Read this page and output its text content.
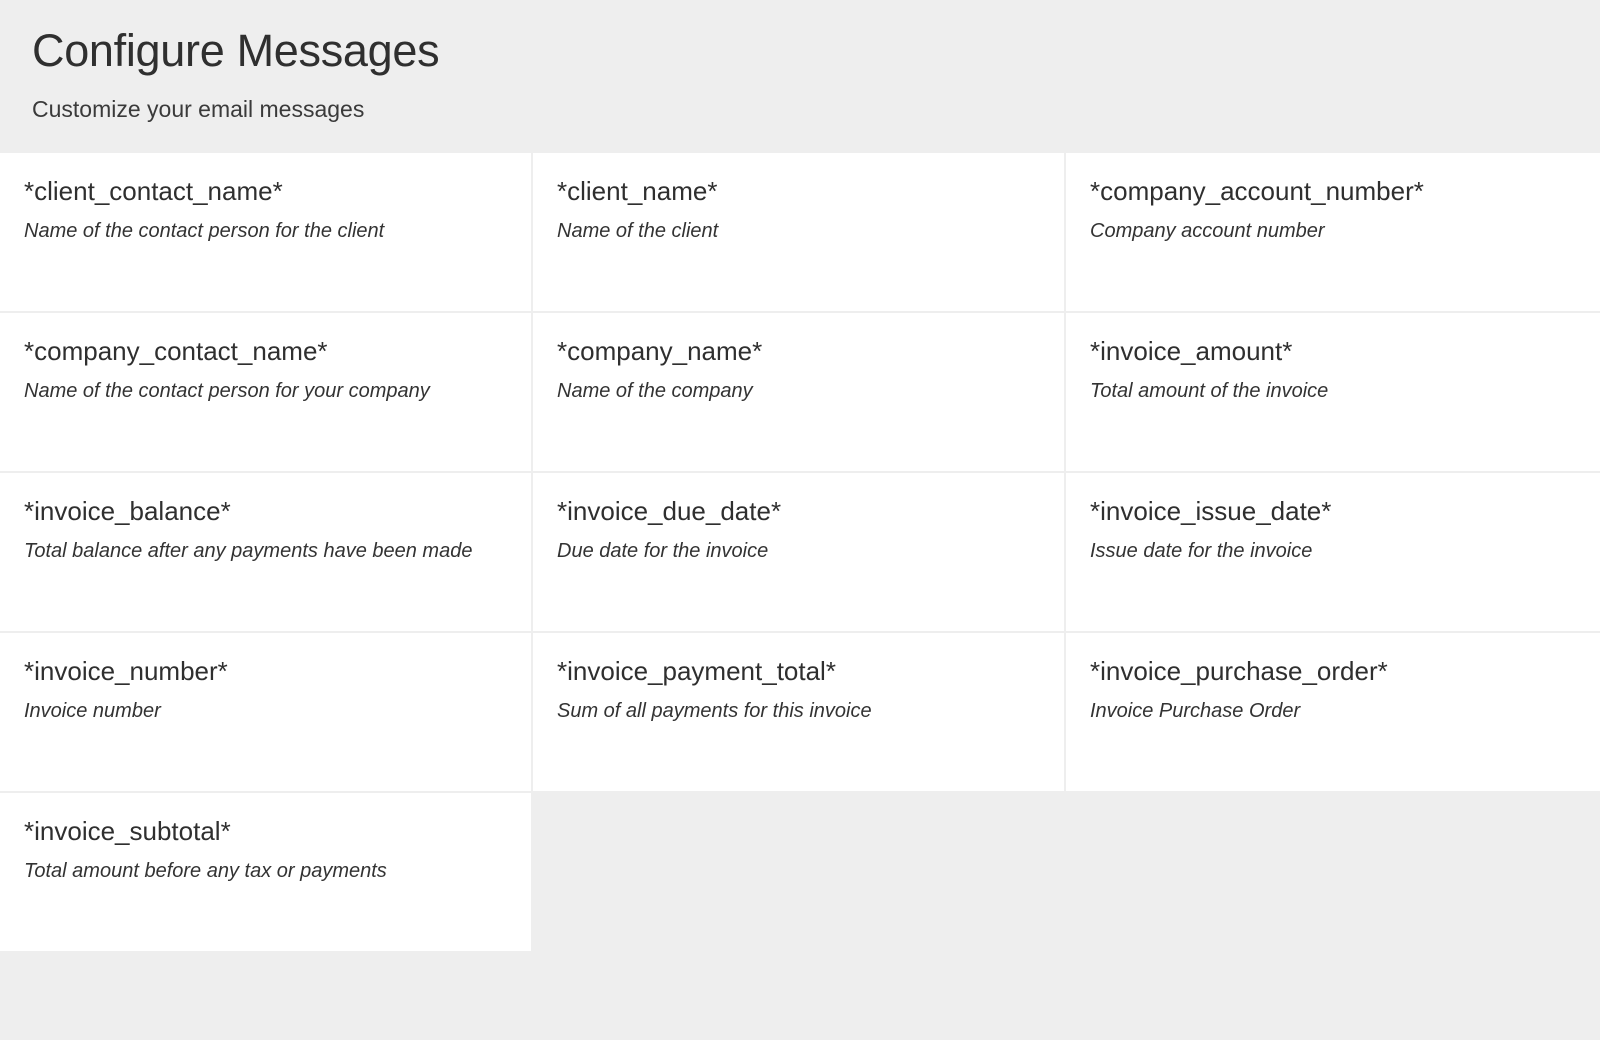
Configure Messages
Customize your email messages
*client_contact_name*
Name of the contact person for the client
*client_name*
Name of the client
*company_account_number*
Company account number
*company_contact_name*
Name of the contact person for your company
*company_name*
Name of the company
*invoice_amount*
Total amount of the invoice
*invoice_balance*
Total balance after any payments have been made
*invoice_due_date*
Due date for the invoice
*invoice_issue_date*
Issue date for the invoice
*invoice_number*
Invoice number
*invoice_payment_total*
Sum of all payments for this invoice
*invoice_purchase_order*
Invoice Purchase Order
*invoice_subtotal*
Total amount before any tax or payments
